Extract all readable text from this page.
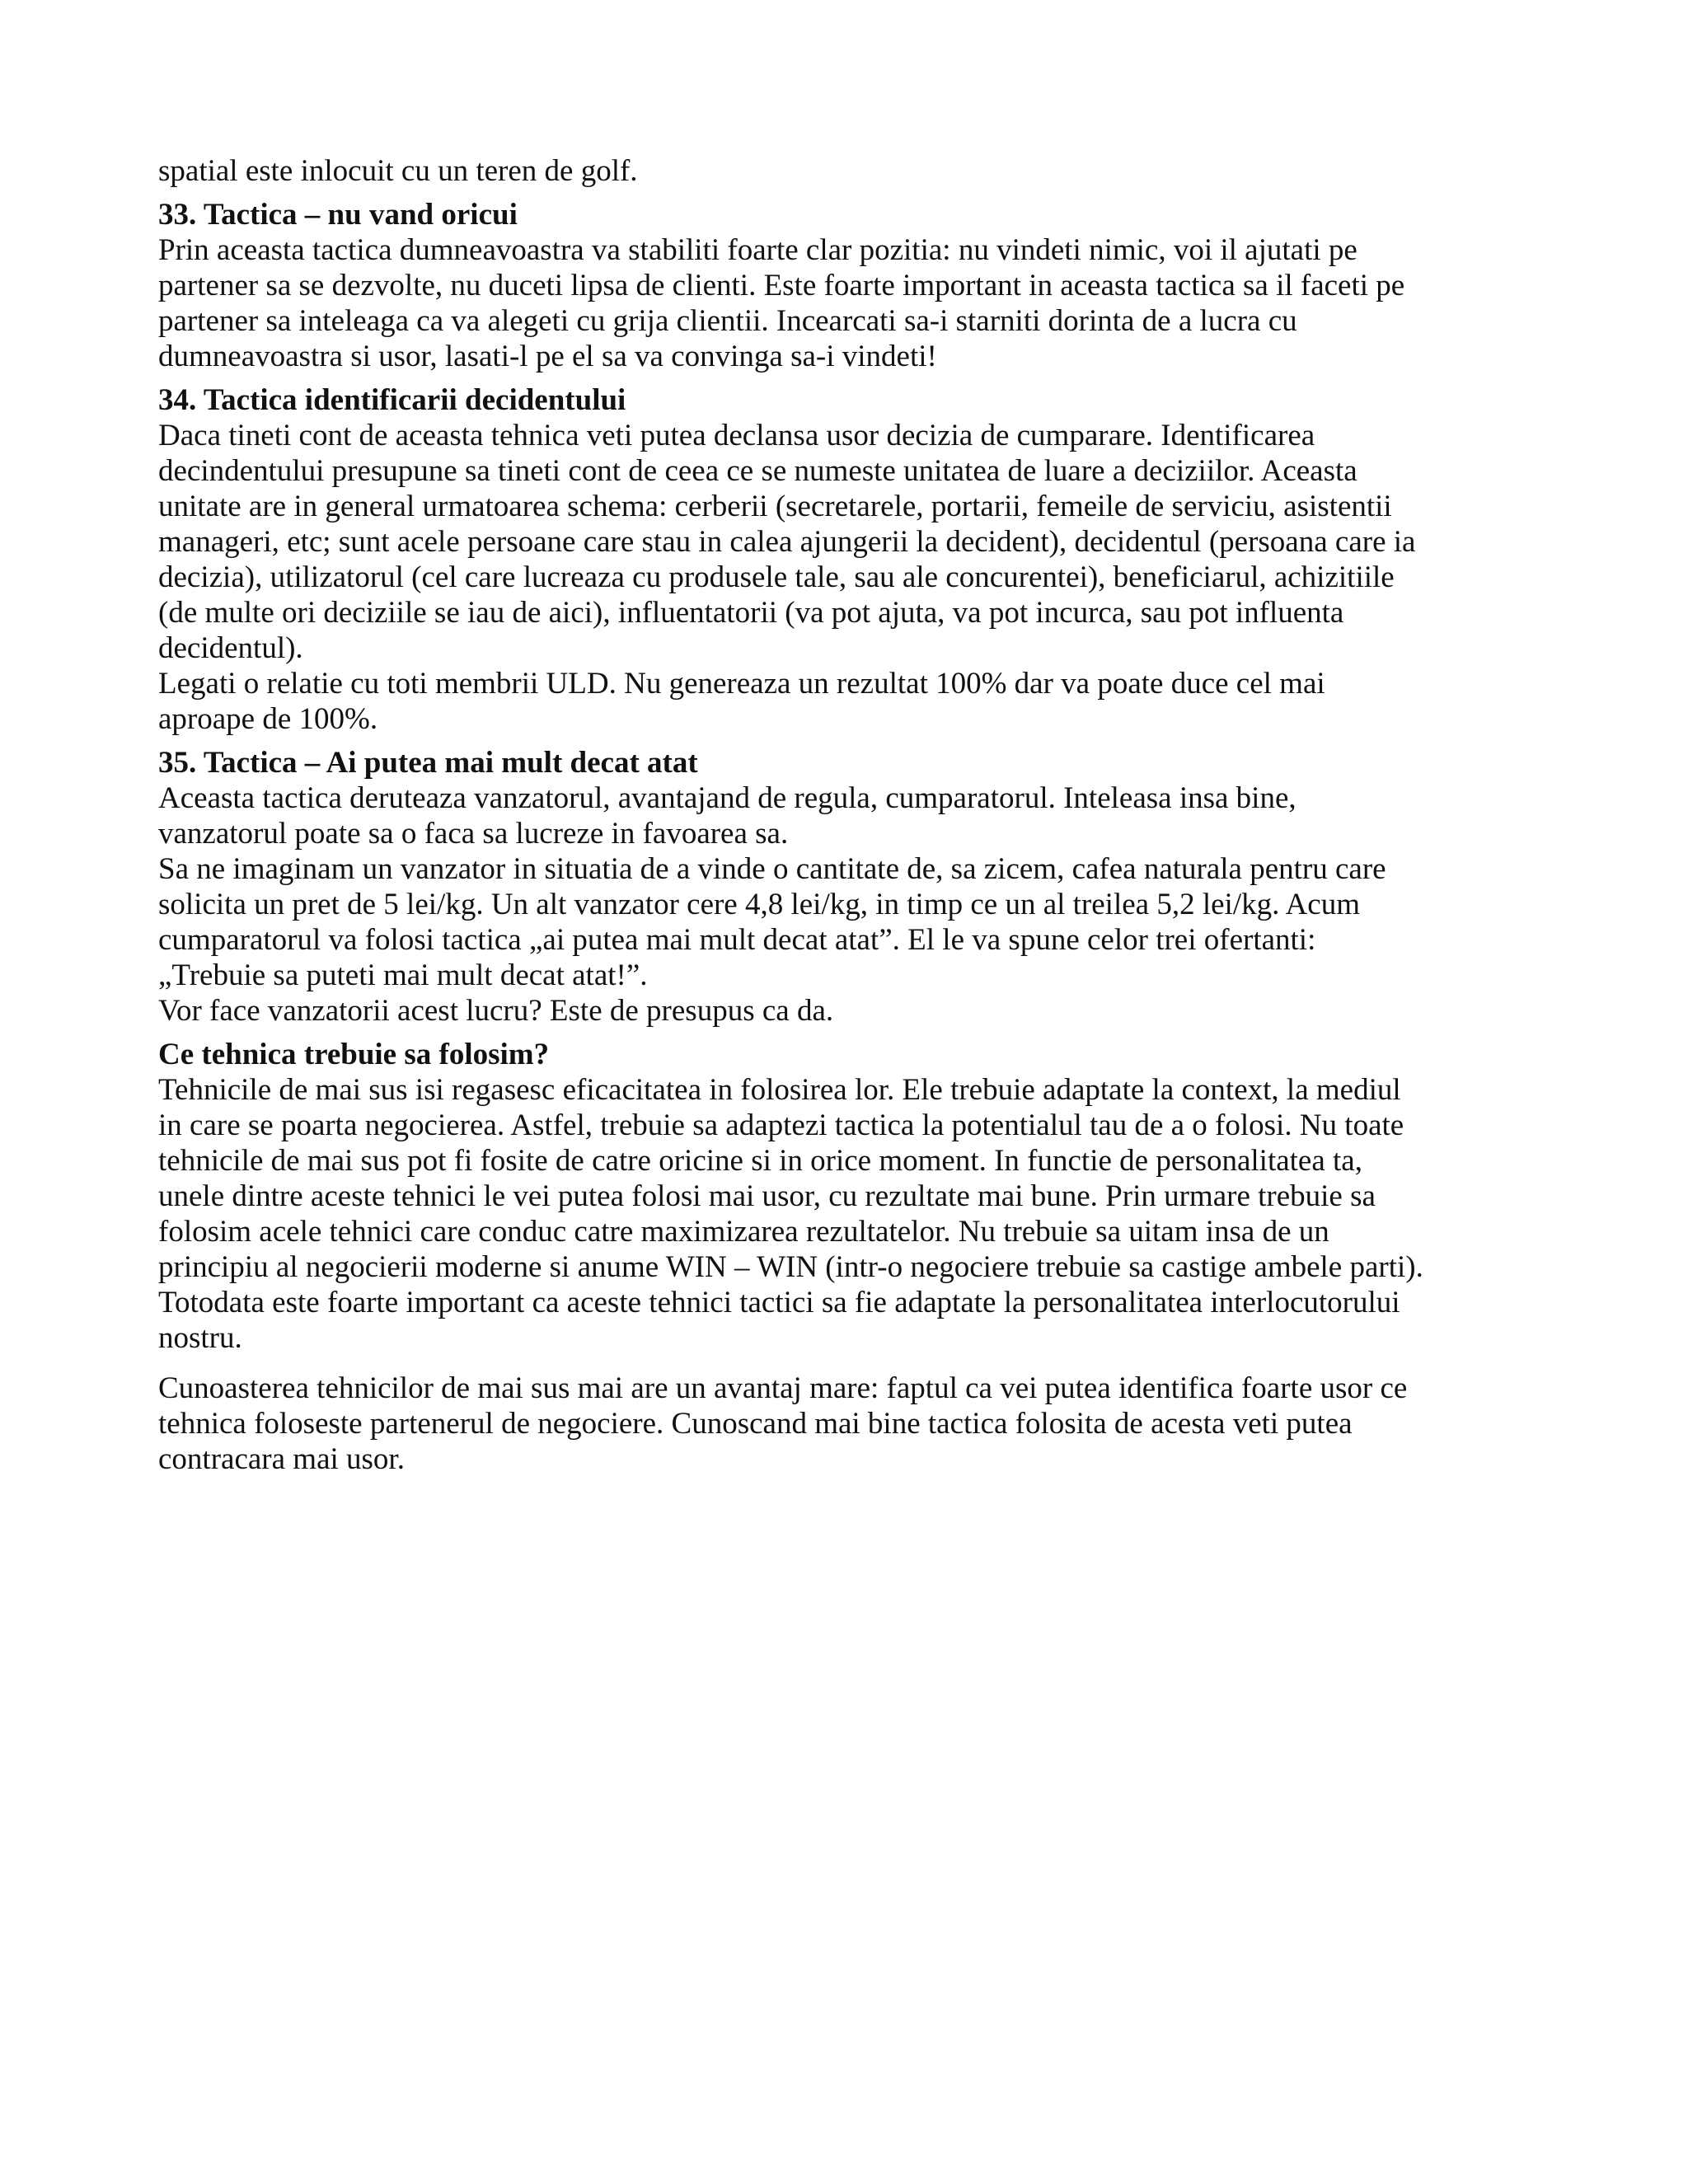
spatial este inlocuit cu un teren de golf.
33. Tactica – nu vand oricui
Prin aceasta tactica dumneavoastra va stabiliti foarte clar pozitia: nu vindeti nimic, voi il ajutati pe
partener sa se dezvolte, nu duceti lipsa de clienti. Este foarte important in aceasta tactica sa il faceti pe
partener sa inteleaga ca va alegeti cu grija clientii. Incearcati sa-i starniti dorinta de a lucra cu
dumneavoastra si usor, lasati-l pe el sa va convinga sa-i vindeti!
34. Tactica identificarii decidentului
Daca tineti cont de aceasta tehnica veti putea declansa usor decizia de cumparare. Identificarea
decindentului presupune sa tineti cont de ceea ce se numeste unitatea de luare a deciziilor. Aceasta
unitate are in general urmatoarea schema: cerberii (secretarele, portarii, femeile de serviciu, asistentii
manageri, etc; sunt acele persoane care stau in calea ajungerii la decident), decidentul (persoana care ia
decizia), utilizatorul (cel care lucreaza cu produsele tale, sau ale concurentei), beneficiarul, achizitiile
(de multe ori deciziile se iau de aici), influentatorii (va pot ajuta, va pot incurca, sau pot influenta
decidentul).
Legati o relatie cu toti membrii ULD. Nu genereaza un rezultat 100% dar va poate duce cel mai
aproape de 100%.
35. Tactica – Ai putea mai mult decat atat
Aceasta tactica deruteaza vanzatorul, avantajand de regula, cumparatorul. Inteleasa insa bine,
vanzatorul poate sa o faca sa lucreze in favoarea sa.
Sa ne imaginam un vanzator in situatia de a vinde o cantitate de, sa zicem, cafea naturala pentru care
solicita un pret de 5 lei/kg. Un alt vanzator cere 4,8 lei/kg, in timp ce un al treilea 5,2 lei/kg. Acum
cumparatorul va folosi tactica „ai putea mai mult decat atat”. El le va spune celor trei ofertanti:
„Trebuie sa puteti mai mult decat atat!”.
Vor face vanzatorii acest lucru? Este de presupus ca da.
Ce tehnica trebuie sa folosim?
Tehnicile de mai sus isi regasesc eficacitatea in folosirea lor. Ele trebuie adaptate la context, la mediul
in care se poarta negocierea. Astfel, trebuie sa adaptezi tactica la potentialul tau de a o folosi. Nu toate
tehnicile de mai sus pot fi fosite de catre oricine si in orice moment. In functie de personalitatea ta,
unele dintre aceste tehnici le vei putea folosi mai usor, cu rezultate mai bune. Prin urmare trebuie sa
folosim acele tehnici care conduc catre maximizarea rezultatelor. Nu trebuie sa uitam insa de un
principiu al negocierii moderne si anume WIN – WIN (intr-o negociere trebuie sa castige ambele parti).
Totodata este foarte important ca aceste tehnici tactici sa fie adaptate la personalitatea interlocutorului
nostru.
Cunoasterea tehnicilor de mai sus mai are un avantaj mare: faptul ca vei putea identifica foarte usor ce
tehnica foloseste partenerul de negociere. Cunoscand mai bine tactica folosita de acesta veti putea
contracara mai usor.
